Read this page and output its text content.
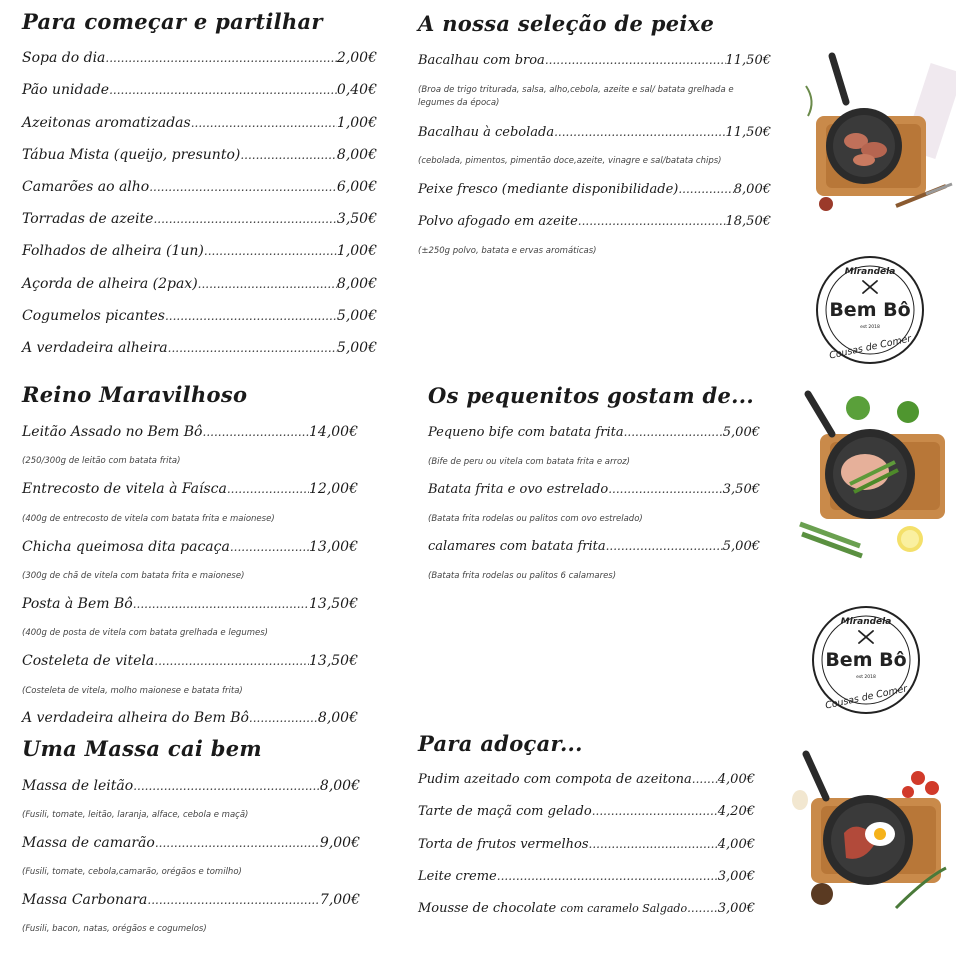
Para começar e partilhar
Sopa do dia .....	2,00€
Pão unidade .....	0,40€
Azeitonas aromatizadas .....	1,00€
Tábua Mista (queijo, presunto) .....	8,00€
Camarões ao alho .....	6,00€
Torradas de azeite .....	3,50€
Folhados de alheira (1un) .....	1,00€
Açorda de alheira (2pax) .....	8,00€
Cogumelos picantes .....	5,00€
A verdadeira alheira .....	5,00€
A nossa seleção de peixe
Bacalhau com broa .....	11,50€
(Broa de trigo triturada, salsa, alho,cebola, azeite e sal/ batata grelhada e
legumes da época)
Bacalhau à cebolada .....	11,50€
(cebolada, pimentos, pimentão doce,azeite, vinagre e sal/batata chips)
Peixe fresco (mediante disponibilidade) .....	8,00€
Polvo afogado em azeite .....	18,50€
(±250g polvo, batata e ervas aromáticas)
Reino Maravilhoso
Leitão Assado no Bem Bô .....	14,00€
(250/300g de leitão com batata frita)
Entrecosto de vitela à Faísca .....	12,00€
(400g de entrecosto de vitela com batata frita e maionese)
Chicha queimosa dita pacaça .....	13,00€
(300g de chã de vitela com batata frita e maionese)
Posta à Bem Bô .....	13,50€
(400g de posta de vitela com batata grelhada e legumes)
Costeleta de vitela .....	13,50€
(Costeleta de vitela, molho maionese e batata frita)
A verdadeira alheira do Bem Bô .....	8,00€
Os pequenitos gostam de...
Pequeno bife com batata frita .....	5,00€
(Bife de peru ou vitela com batata frita e arroz)
Batata frita e ovo estrelado .....	3,50€
(Batata frita rodelas ou palitos com ovo estrelado)
calamares com batata frita .....	5,00€
(Batata frita rodelas ou palitos 6 calamares)
Uma Massa cai bem
Massa de leitão .....	8,00€
(Fusili, tomate, leitão, laranja, alface, cebola e maçã)
Massa de camarão .....	9,00€
(Fusili, tomate, cebola,camarão, orégãos e tomilho)
Massa Carbonara .....	7,00€
(Fusili, bacon, natas, orégãos e cogumelos)
Para adoçar...
Pudim azeitado com compota de azeitona ..... 4,00€
Tarte de maçã com gelado .....	4,20€
Torta de frutos vermelhos .....	4,00€
Leite creme .....	3,00€
Mousse de chocolate
com caramelo Salgado ..... 3,00€
Mirandela
Bem Bô
est 2018
Cousas de Comer
Mirandela
Bem Bô
est 2018
Cousas de Comer
